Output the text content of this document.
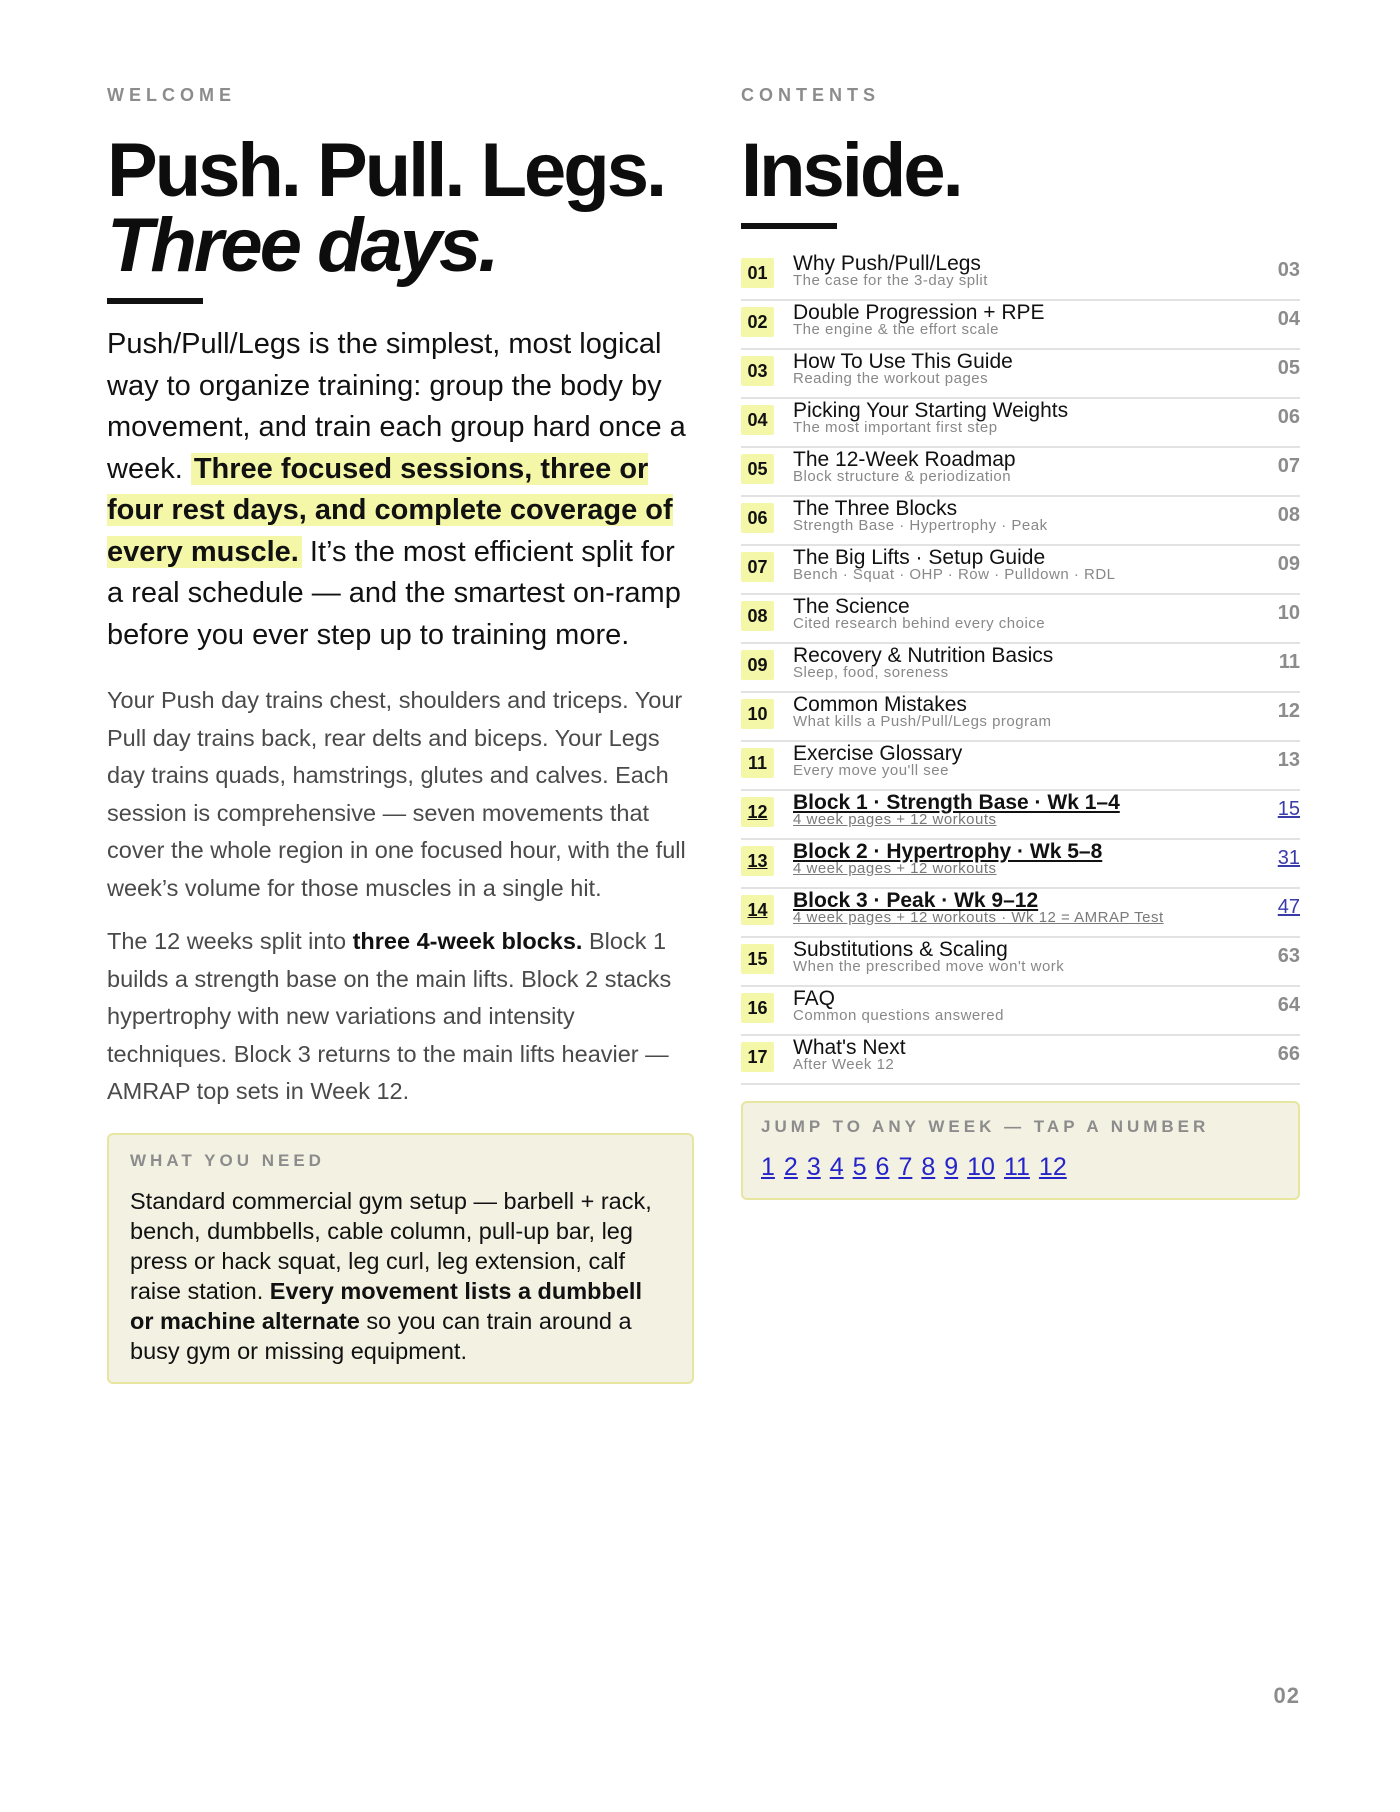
WELCOME

Push. Pull. Legs.
Three days.

Push/Pull/Legs is the simplest, most logical way to organize training: group the body by movement, and train each group hard once a week. Three focused sessions, three or four rest days, and complete coverage of every muscle. It’s the most efficient split for a real schedule — and the smartest on-ramp before you ever step up to training more.

Your Push day trains chest, shoulders and triceps. Your Pull day trains back, rear delts and biceps. Your Legs day trains quads, hamstrings, glutes and calves. Each session is comprehensive — seven movements that cover the whole region in one focused hour, with the full week’s volume for those muscles in a single hit.

The 12 weeks split into three 4-week blocks. Block 1 builds a strength base on the main lifts. Block 2 stacks hypertrophy with new variations and intensity techniques. Block 3 returns to the main lifts heavier — AMRAP top sets in Week 12.

WHAT YOU NEED

Standard commercial gym setup — barbell + rack, bench, dumbbells, cable column, pull-up bar, leg press or hack squat, leg curl, leg extension, calf raise station. Every movement lists a dumbbell or machine alternate so you can train around a busy gym or missing equipment.

CONTENTS

Inside.
01	Why Push/Pull/Legs
The case for the 3-day split	03
02	Double Progression + RPE
The engine & the effort scale	04
03	How To Use This Guide
Reading the workout pages	05
04	Picking Your Starting Weights
The most important first step	06
05	The 12-Week Roadmap
Block structure & periodization	07
06	The Three Blocks
Strength Base · Hypertrophy · Peak	08
07	The Big Lifts · Setup Guide
Bench · Squat · OHP · Row · Pulldown · RDL	09
08	The Science
Cited research behind every choice	10
09	Recovery & Nutrition Basics
Sleep, food, soreness	11
10	Common Mistakes
What kills a Push/Pull/Legs program	12
11	Exercise Glossary
Every move you'll see	13
12	Block 1 · Strength Base · Wk 1–4
4 week pages + 12 workouts	15
13	Block 2 · Hypertrophy · Wk 5–8
4 week pages + 12 workouts	31
14	Block 3 · Peak · Wk 9–12
4 week pages + 12 workouts · Wk 12 = AMRAP Test	47
15	Substitutions & Scaling
When the prescribed move won't work	63
16	FAQ
Common questions answered	64
17	What's Next
After Week 12	66

JUMP TO ANY WEEK — TAP A NUMBER

1 2 3 4 5 6 7 8 9 10 11 12
02
